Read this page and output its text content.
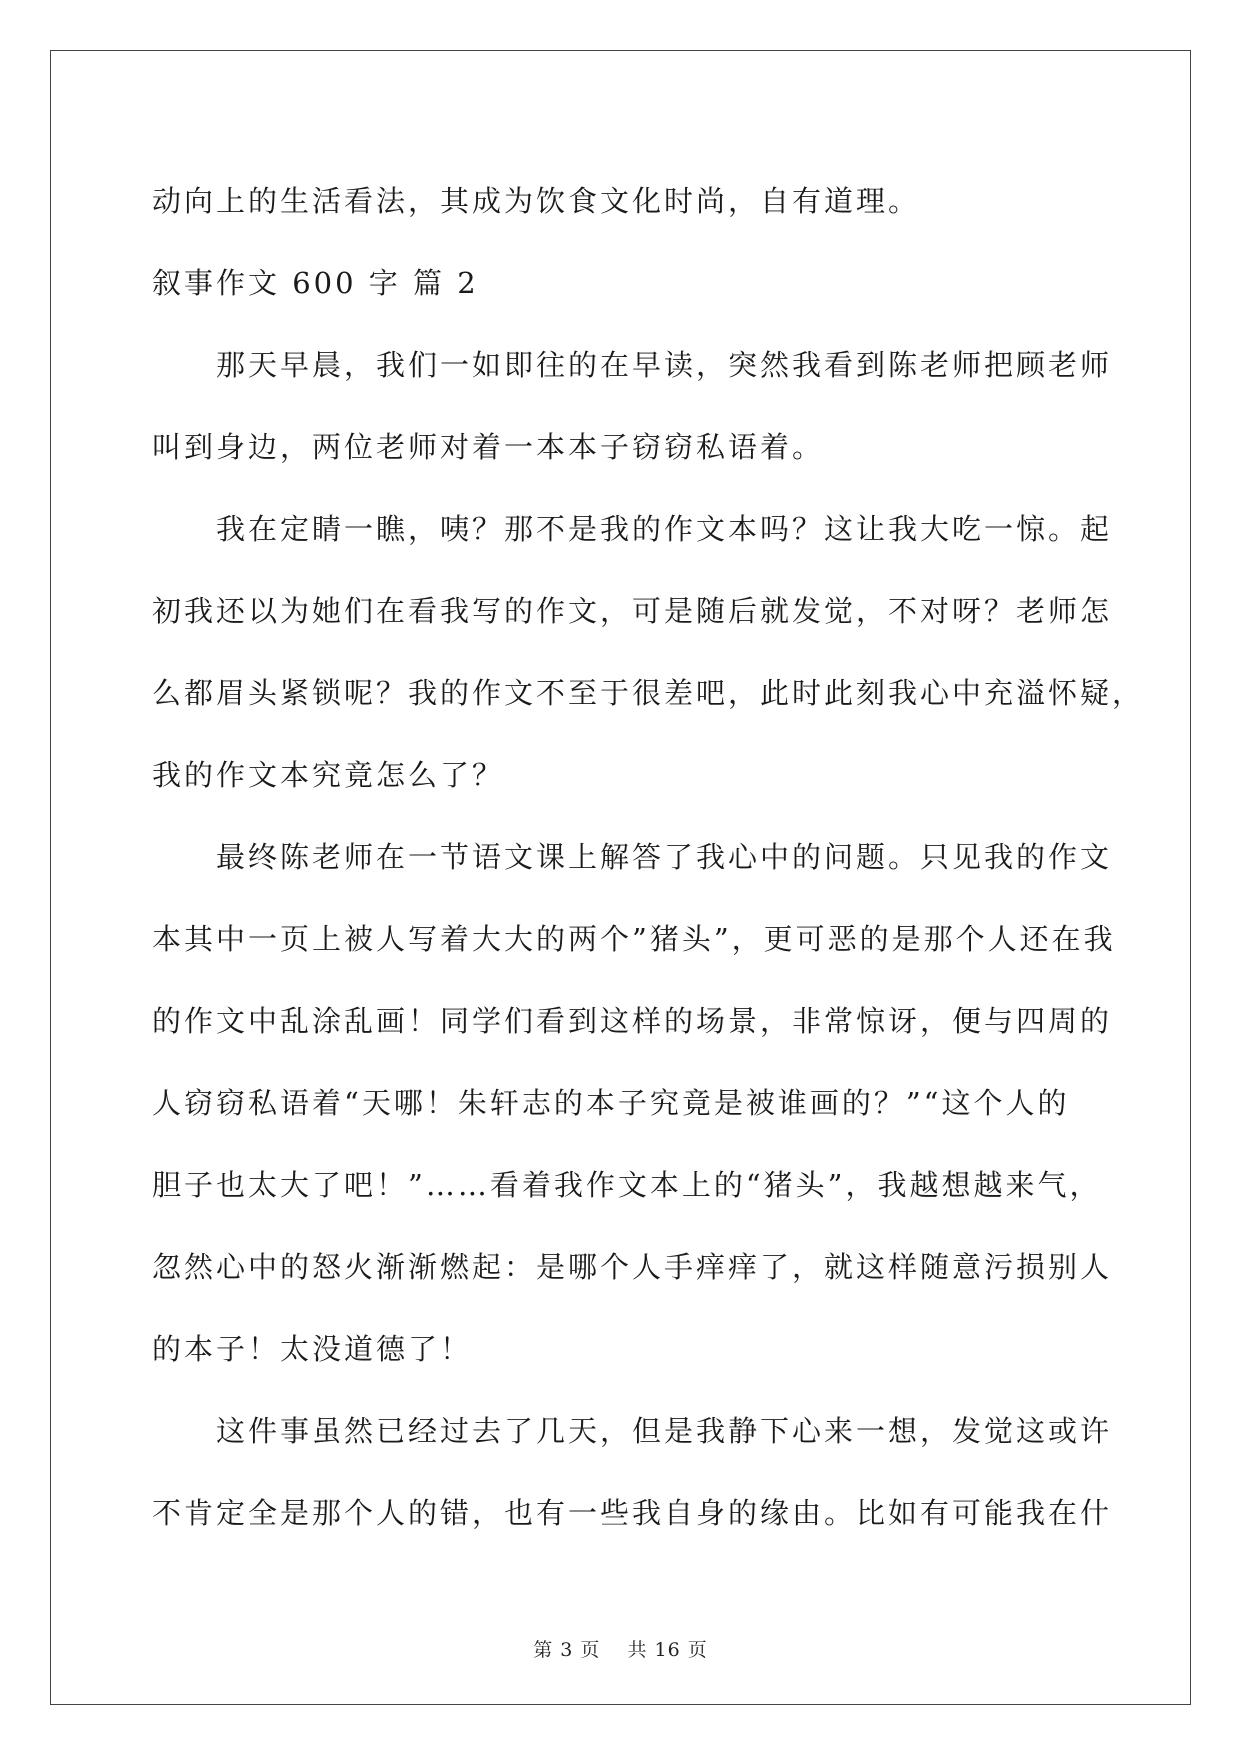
动向上的生活看法，其成为饮食文化时尚，自有道理。
叙事作文 600 字 篇 2
那天早晨，我们一如即往的在早读，突然我看到陈老师把顾老师
叫到身边，两位老师对着一本本子窃窃私语着。
我在定睛一瞧，咦？那不是我的作文本吗？这让我大吃一惊。起
初我还以为她们在看我写的作文，可是随后就发觉，不对呀？老师怎
么都眉头紧锁呢？我的作文不至于很差吧，此时此刻我心中充溢怀疑，
我的作文本究竟怎么了？
最终陈老师在一节语文课上解答了我心中的问题。只见我的作文
本其中一页上被人写着大大的两个”猪头”，更可恶的是那个人还在我
的作文中乱涂乱画！同学们看到这样的场景，非常惊讶，便与四周的
人窃窃私语着“天哪！朱轩志的本子究竟是被谁画的？”“这个人的
胆子也太大了吧！”……看着我作文本上的“猪头”，我越想越来气，
忽然心中的怒火渐渐燃起：是哪个人手痒痒了，就这样随意污损别人
的本子！太没道德了！
这件事虽然已经过去了几天，但是我静下心来一想，发觉这或许
不肯定全是那个人的错，也有一些我自身的缘由。比如有可能我在什
第 3 页 共 16 页
